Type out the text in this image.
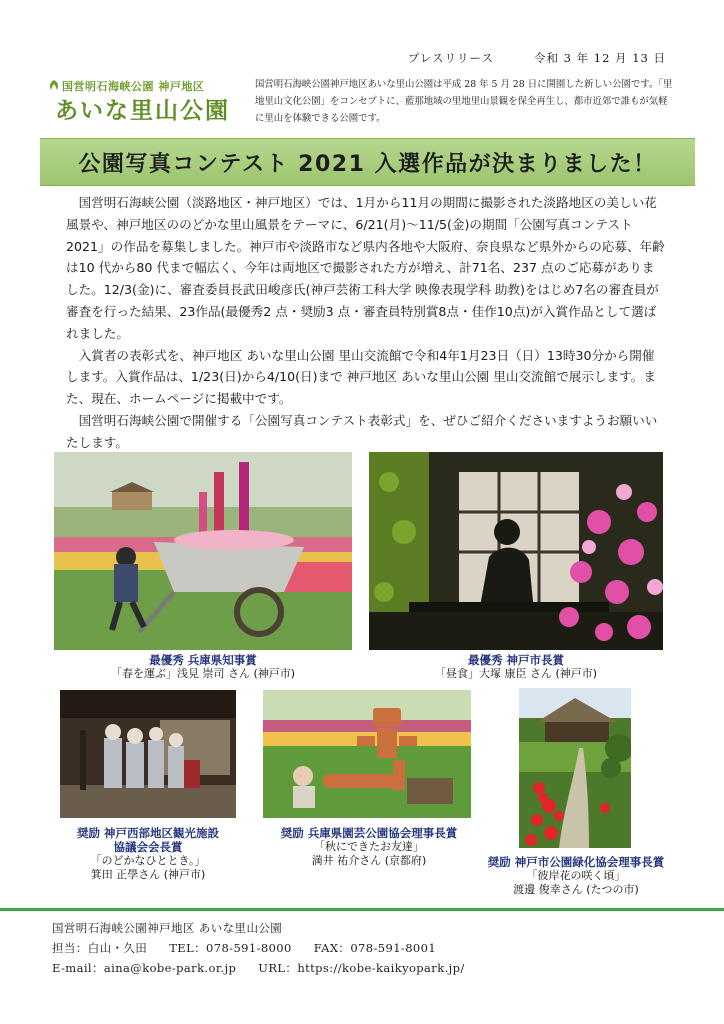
プレスリリース	令和 3 年 12 月 13 日
国営明石海峡公園 神戸地区
あいな里山公園
国営明石海峡公園神戸地区あいな里山公園は平成 28 年 5 月 28 日に開園した新しい公園です。「里地里山文化公園」をコンセプトに、藍那地域の里地里山景観を保全再生し、都市近郊で誰もが気軽に里山を体験できる公園です。
公園写真コンテスト 2021 入選作品が決まりました！

国営明石海峡公園（淡路地区・神戸地区）では、1月から11月の期間に撮影された淡路地区の美しい花風景や、神戸地区ののどかな里山風景をテーマに、6/21(月)～11/5(金)の期間「公園写真コンテスト2021」の作品を募集しました。神戸市や淡路市など県内各地や大阪府、奈良県など県外からの応募、年齢は10 代から80 代まで幅広く、今年は両地区で撮影された方が増え、計71名、237 点のご応募がありました。12/3(金)に、審査委員長武田峻彦氏(神戸芸術工科大学 映像表現学科 助教)をはじめ7名の審査員が審査を行った結果、23作品(最優秀2 点・奨励3 点・審査員特別賞8点・佳作10点)が入賞作品として選ばれました。

入賞者の表彰式を、神戸地区 あいな里山公園 里山交流館で令和4年1月23日（日）13時30分から開催します。入賞作品は、1/23(日)から4/10(日)まで 神戸地区 あいな里山公園 里山交流館で展示します。また、現在、ホームページに掲載中です。

国営明石海峡公園で開催する「公園写真コンテスト表彰式」を、ぜひご紹介くださいますようお願いいたします。

最優秀 兵庫県知事賞
「春を運ぶ」浅見 崇司 さん (神戸市)
最優秀 神戸市長賞
「昼食」大塚 康臣 さん (神戸市)
奨励 神戸西部地区観光施設
協議会会長賞
「のどかなひととき。」
箕田 正學さん (神戸市)
奨励 兵庫県園芸公園協会理事長賞
「秋にできたお友達」
満井 祐介さん (京都府)	奨励 神戸市公園緑化協会理事長賞
「彼岸花の咲く頃」
渡邊 俊幸さん (たつの市)
国営明石海峡公園神戸地区 あいな里山公園
担当：白山・久田 TEL：078-591-8000 FAX：078-591-8001
E-mail：aina@kobe-park.or.jp URL：https://kobe-kaikyopark.jp/
